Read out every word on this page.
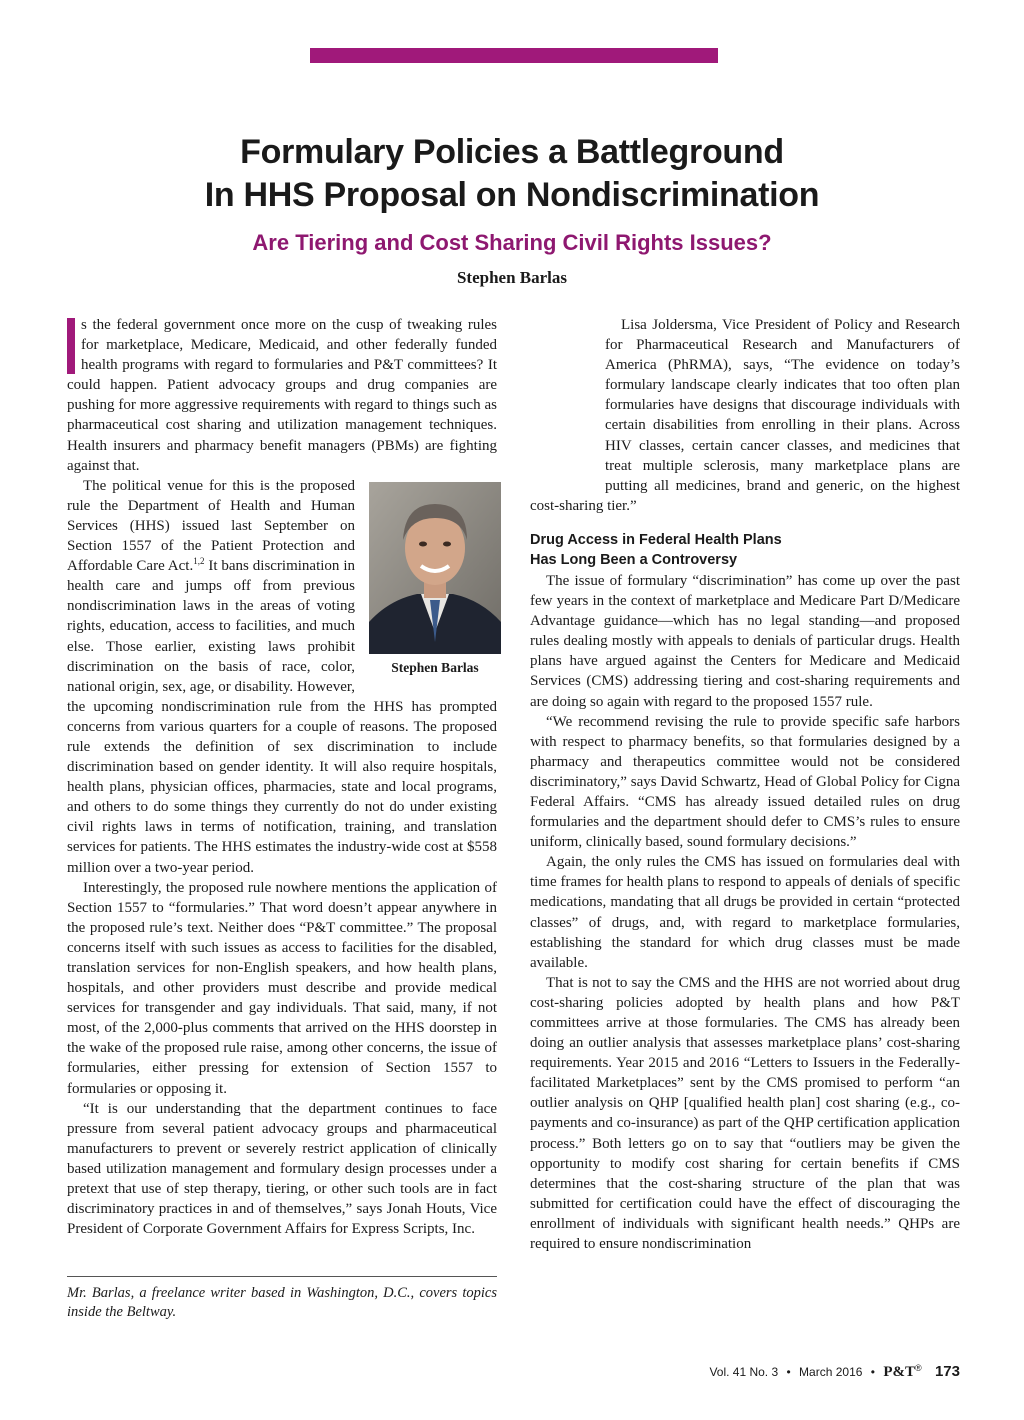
Formulary Policies a Battleground
In HHS Proposal on Nondiscrimination
Are Tiering and Cost Sharing Civil Rights Issues?
Stephen Barlas

s the federal government once more on the cusp of tweaking rules for marketplace, Medicare, Medicaid, and other federally funded health programs with regard to formularies and P&T committees? It could happen. Patient advocacy groups and drug companies are pushing for more aggressive requirements with regard to things such as pharmaceutical cost sharing and utilization management techniques. Health insurers and pharmacy benefit managers (PBMs) are fighting against that.

Stephen Barlas

The political venue for this is the proposed rule the Department of Health and Human Services (HHS) issued last September on Section 1557 of the Patient Protection and Affordable Care Act.$^{1,2}$ It bans discrimination in health care and jumps off from previous nondiscrimination laws in the areas of voting rights, education, access to facilities, and much else. Those earlier, existing laws prohibit discrimination on the basis of race, color, national origin, sex, age, or disability. However, the upcoming nondiscrimination rule from the HHS has prompted concerns from various quarters for a couple of reasons. The proposed rule extends the definition of sex discrimination to include discrimination based on gender identity. It will also require hospitals, health plans, physician offices, pharmacies, state and local programs, and others to do some things they currently do not do under existing civil rights laws in terms of notification, training, and translation services for patients. The HHS estimates the industry-wide cost at $558 million over a two-year period.

Interestingly, the proposed rule nowhere mentions the application of Section 1557 to “formularies.” That word doesn’t appear anywhere in the proposed rule’s text. Neither does “P&T committee.” The proposal concerns itself with such issues as access to facilities for the disabled, translation services for non-English speakers, and how health plans, hospitals, and other providers must describe and provide medical services for transgender and gay individuals. That said, many, if not most, of the 2,000-plus comments that arrived on the HHS doorstep in the wake of the proposed rule raise, among other concerns, the issue of formularies, either pressing for extension of Section 1557 to formularies or opposing it.

“It is our understanding that the department continues to face pressure from several patient advocacy groups and pharmaceutical manufacturers to prevent or severely restrict application of clinically based utilization management and formulary design processes under a pretext that use of step therapy, tiering, or other such tools are in fact discriminatory practices in and of themselves,” says Jonah Houts, Vice President of Corporate Government Affairs for Express Scripts, Inc.

Mr. Barlas, a freelance writer based in Washington, D.C., covers topics inside the Beltway.

Lisa Joldersma, Vice President of Policy and Research for Pharmaceutical Research and Manufacturers of America (PhRMA), says, “The evidence on today’s formulary landscape clearly indicates that too often plan formularies have designs that discourage individuals with certain disabilities from enrolling in their plans. Across HIV classes, certain cancer classes, and medicines that treat multiple sclerosis, many marketplace plans are putting all medicines, brand and generic, on the highest cost-sharing tier.”

Drug Access in Federal Health Plans
Has Long Been a Controversy

The issue of formulary “discrimination” has come up over the past few years in the context of marketplace and Medicare Part D/Medicare Advantage guidance—which has no legal standing—and proposed rules dealing mostly with appeals to denials of particular drugs. Health plans have argued against the Centers for Medicare and Medicaid Services (CMS) addressing tiering and cost-sharing requirements and are doing so again with regard to the proposed 1557 rule.

“We recommend revising the rule to provide specific safe harbors with respect to pharmacy benefits, so that formularies designed by a pharmacy and therapeutics committee would not be considered discriminatory,” says David Schwartz, Head of Global Policy for Cigna Federal Affairs. “CMS has already issued detailed rules on drug formularies and the department should defer to CMS’s rules to ensure uniform, clinically based, sound formulary decisions.”

Again, the only rules the CMS has issued on formularies deal with time frames for health plans to respond to appeals of denials of specific medications, mandating that all drugs be provided in certain “protected classes” of drugs, and, with regard to marketplace formularies, establishing the standard for which drug classes must be made available.

That is not to say the CMS and the HHS are not worried about drug cost-sharing policies adopted by health plans and how P&T committees arrive at those formularies. The CMS has already been doing an outlier analysis that assesses marketplace plans’ cost-sharing requirements. Year 2015 and 2016 “Letters to Issuers in the Federally-facilitated Marketplaces” sent by the CMS promised to perform “an outlier analysis on QHP [qualified health plan] cost sharing (e.g., co-payments and co-insurance) as part of the QHP certification application process.” Both letters go on to say that “outliers may be given the opportunity to modify cost sharing for certain benefits if CMS determines that the cost-sharing structure of the plan that was submitted for certification could have the effect of discouraging the enrollment of individuals with significant health needs.” QHPs are required to ensure nondiscrimination

Vol. 41 No. 3 • March 2016 • P&T® 173
